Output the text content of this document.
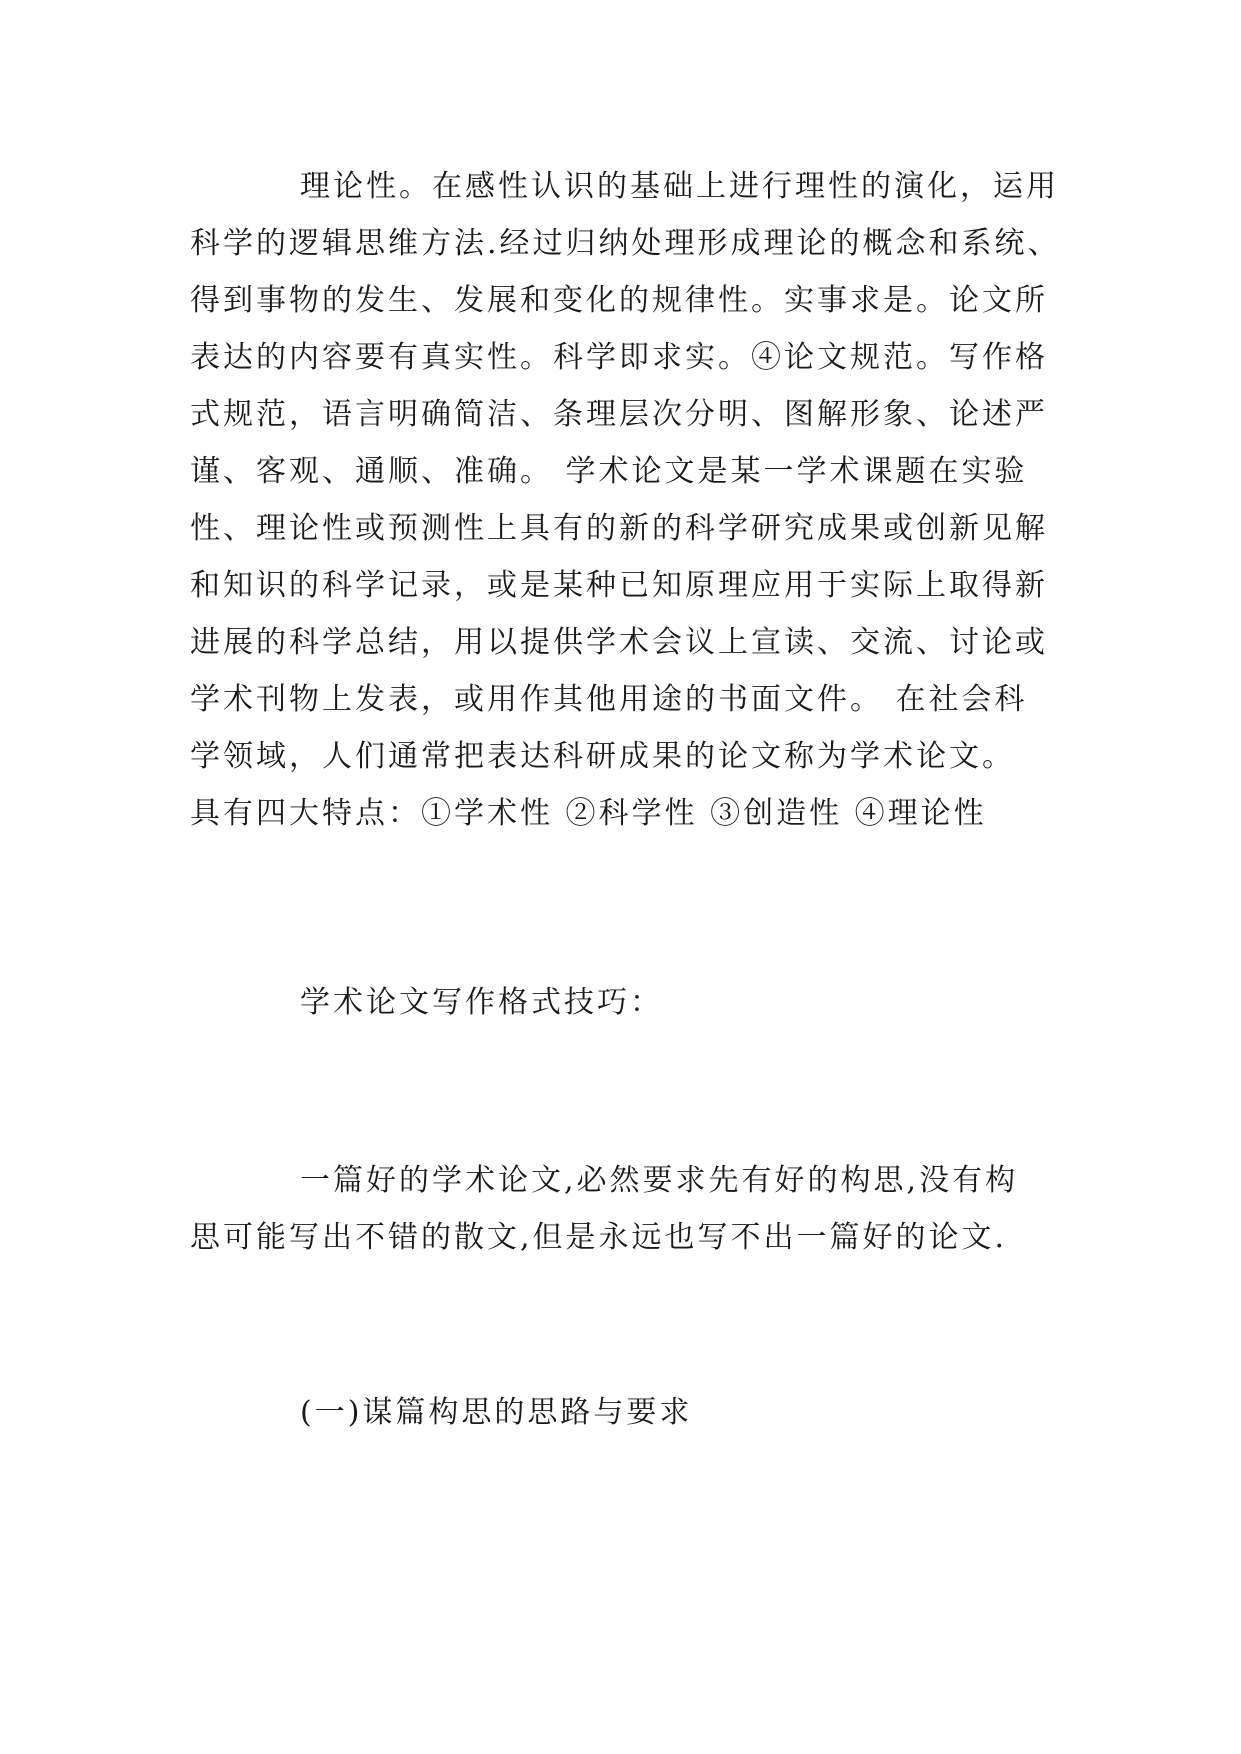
理论性。在感性认识的基础上进行理性的演化，运用
科学的逻辑思维方法.经过归纳处理形成理论的概念和系统、
得到事物的发生、发展和变化的规律性。实事求是。论文所
表达的内容要有真实性。科学即求实。④论文规范。写作格
式规范，语言明确简洁、条理层次分明、图解形象、论述严
谨、客观、通顺、准确。 学术论文是某一学术课题在实验
性、理论性或预测性上具有的新的科学研究成果或创新见解
和知识的科学记录，或是某种已知原理应用于实际上取得新
进展的科学总结，用以提供学术会议上宣读、交流、讨论或
学术刊物上发表，或用作其他用途的书面文件。 在社会科
学领域，人们通常把表达科研成果的论文称为学术论文。
具有四大特点：①学术性 ②科学性 ③创造性 ④理论性
学术论文写作格式技巧：
一篇好的学术论文,必然要求先有好的构思,没有构
思可能写出不错的散文,但是永远也写不出一篇好的论文.
(一)谋篇构思的思路与要求
